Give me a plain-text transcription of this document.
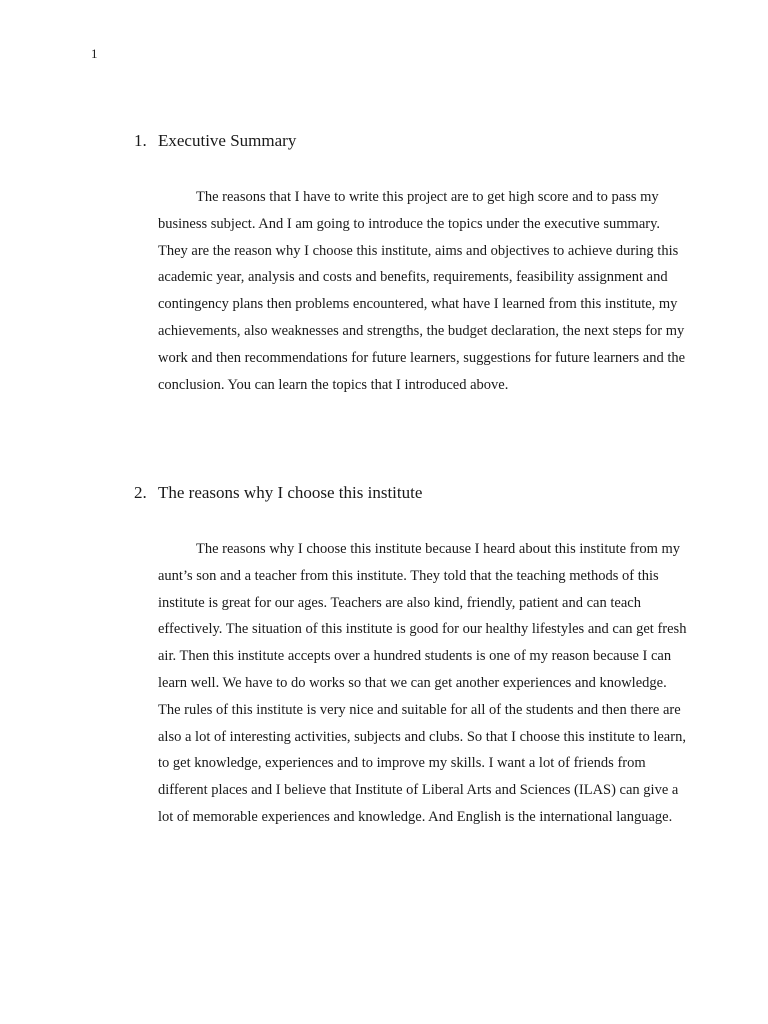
1
1. Executive Summary

The reasons that I have to write this project are to get high score and to pass my business subject. And I am going to introduce the topics under the executive summary. They are the reason why I choose this institute, aims and objectives to achieve during this academic year, analysis and costs and benefits, requirements, feasibility assignment and contingency plans then problems encountered, what have I learned from this institute, my achievements, also weaknesses and strengths, the budget declaration, the next steps for my work and then recommendations for future learners, suggestions for future learners and the conclusion. You can learn the topics that I introduced above.

2. The reasons why I choose this institute

The reasons why I choose this institute because I heard about this institute from my aunt’s son and a teacher from this institute. They told that the teaching methods of this institute is great for our ages. Teachers are also kind, friendly, patient and can teach effectively. The situation of this institute is good for our healthy lifestyles and can get fresh air. Then this institute accepts over a hundred students is one of my reason because I can learn well. We have to do works so that we can get another experiences and knowledge. The rules of this institute is very nice and suitable for all of the students and then there are also a lot of interesting activities, subjects and clubs. So that I choose this institute to learn, to get knowledge, experiences and to improve my skills. I want a lot of friends from different places and I believe that Institute of Liberal Arts and Sciences (ILAS) can give a lot of memorable experiences and knowledge. And English is the international language.
